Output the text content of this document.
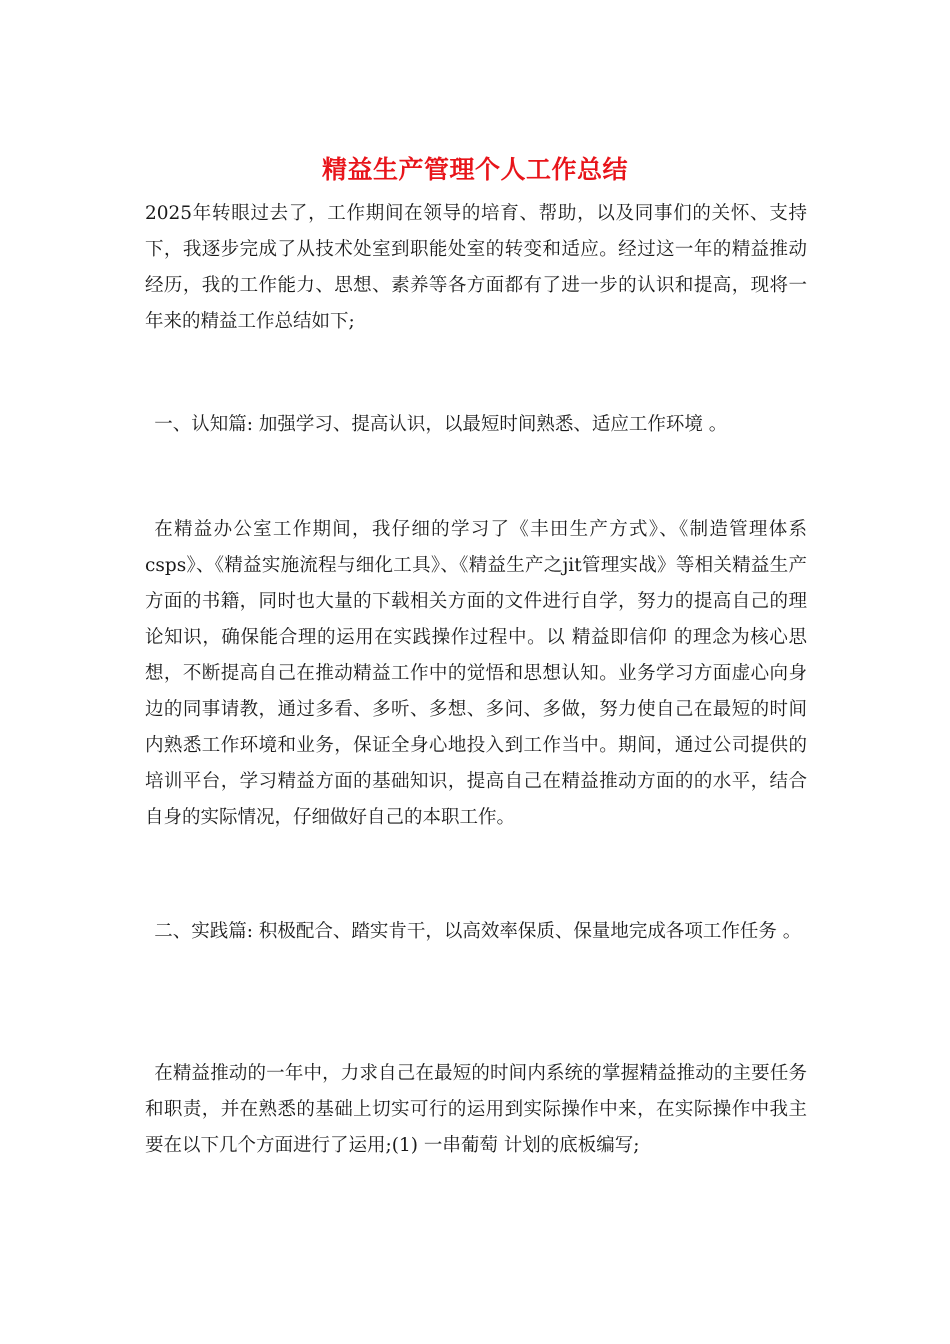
精益生产管理个人工作总结

2025年转眼过去了，工作期间在领导的培育、帮助，以及同事们的关怀、支持下，我逐步完成了从技术处室到职能处室的转变和适应。经过这一年的精益推动经历，我的工作能力、思想、素养等各方面都有了进一步的认识和提高，现将一年来的精益工作总结如下;

一、认知篇: 加强学习、提高认识，以最短时间熟悉、适应工作环境 。

在精益办公室工作期间，我仔细的学习了《丰田生产方式》、《制造管理体系csps》、《精益实施流程与细化工具》、《精益生产之jit管理实战》等相关精益生产方面的书籍，同时也大量的下载相关方面的文件进行自学，努力的提高自己的理论知识，确保能合理的运用在实践操作过程中。以 精益即信仰 的理念为核心思想，不断提高自己在推动精益工作中的觉悟和思想认知。业务学习方面虚心向身边的同事请教，通过多看、多听、多想、多问、多做，努力使自己在最短的时间内熟悉工作环境和业务，保证全身心地投入到工作当中。期间，通过公司提供的培训平台，学习精益方面的基础知识，提高自己在精益推动方面的的水平，结合自身的实际情况，仔细做好自己的本职工作。

二、实践篇: 积极配合、踏实肯干，以高效率保质、保量地完成各项工作任务 。

在精益推动的一年中，力求自己在最短的时间内系统的掌握精益推动的主要任务和职责，并在熟悉的基础上切实可行的运用到实际操作中来，在实际操作中我主要在以下几个方面进行了运用;(1) 一串葡萄 计划的底板编写;
